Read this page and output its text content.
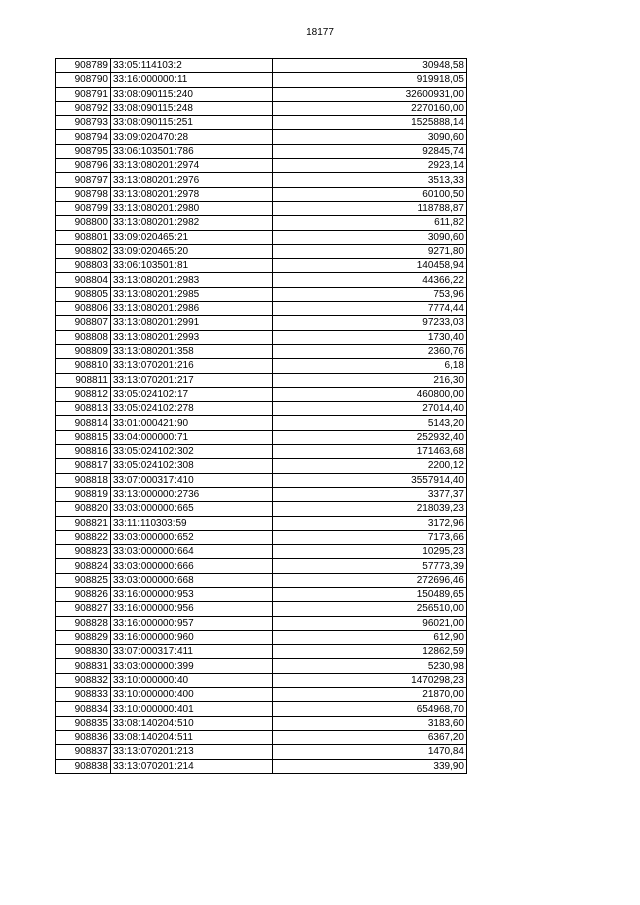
18177
908789	33:05:114103:2	30948,58
908790	33:16:000000:11	919918,05
908791	33:08:090115:240	32600931,00
908792	33:08:090115:248	2270160,00
908793	33:08:090115:251	1525888,14
908794	33:09:020470:28	3090,60
908795	33:06:103501:786	92845,74
908796	33:13:080201:2974	2923,14
908797	33:13:080201:2976	3513,33
908798	33:13:080201:2978	60100,50
908799	33:13:080201:2980	118788,87
908800	33:13:080201:2982	611,82
908801	33:09:020465:21	3090,60
908802	33:09:020465:20	9271,80
908803	33:06:103501:81	140458,94
908804	33:13:080201:2983	44366,22
908805	33:13:080201:2985	753,96
908806	33:13:080201:2986	7774,44
908807	33:13:080201:2991	97233,03
908808	33:13:080201:2993	1730,40
908809	33:13:080201:358	2360,76
908810	33:13:070201:216	6,18
908811	33:13:070201:217	216,30
908812	33:05:024102:17	460800,00
908813	33:05:024102:278	27014,40
908814	33:01:000421:90	5143,20
908815	33:04:000000:71	252932,40
908816	33:05:024102:302	171463,68
908817	33:05:024102:308	2200,12
908818	33:07:000317:410	3557914,40
908819	33:13:000000:2736	3377,37
908820	33:03:000000:665	218039,23
908821	33:11:110303:59	3172,96
908822	33:03:000000:652	7173,66
908823	33:03:000000:664	10295,23
908824	33:03:000000:666	57773,39
908825	33:03:000000:668	272696,46
908826	33:16:000000:953	150489,65
908827	33:16:000000:956	256510,00
908828	33:16:000000:957	96021,00
908829	33:16:000000:960	612,90
908830	33:07:000317:411	12862,59
908831	33:03:000000:399	5230,98
908832	33:10:000000:40	1470298,23
908833	33:10:000000:400	21870,00
908834	33:10:000000:401	654968,70
908835	33:08:140204:510	3183,60
908836	33:08:140204:511	6367,20
908837	33:13:070201:213	1470,84
908838	33:13:070201:214	339,90
